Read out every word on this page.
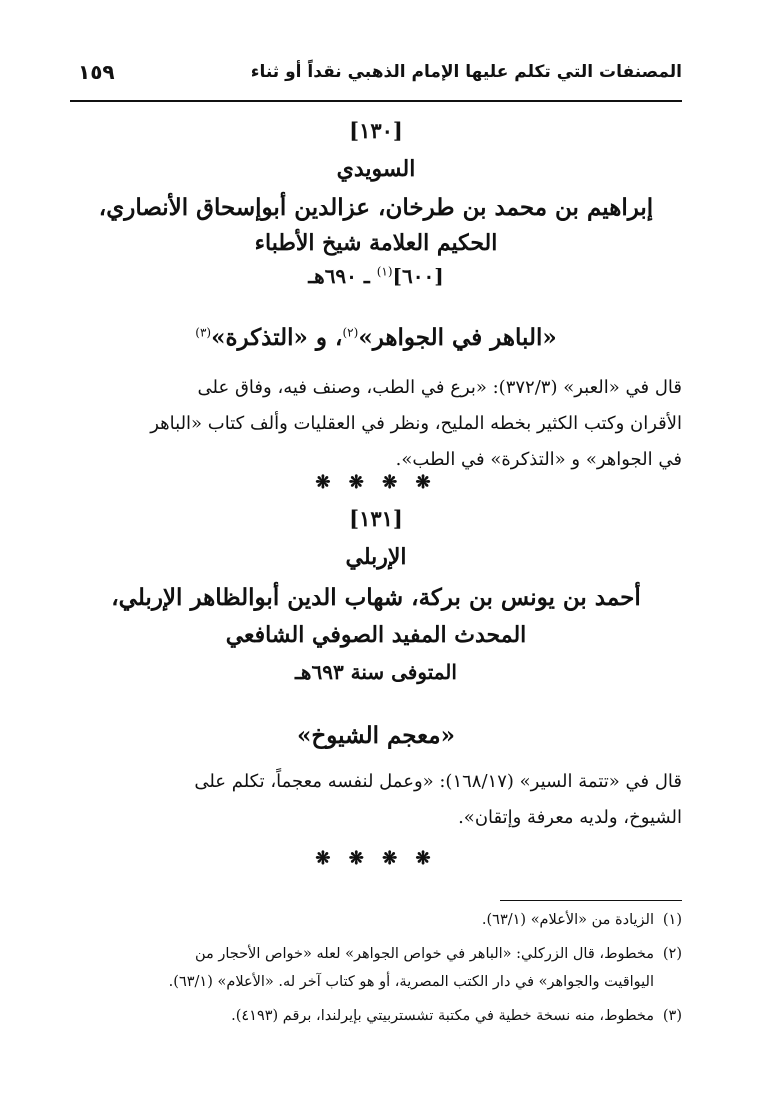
المصنفات التي تكلم عليها الإمام الذهبي نقداً أو ثناء
١٥٩
[١٣٠]
السويدي
إبراهيم بن محمد بن طرخان، عزالدين أبوإسحاق الأنصاري،
الحكيم العلامة شيخ الأطباء
[٦٠٠]$^{(١)}$ ـ ٦٩٠هـ
«الباهر في الجواهر»$^{(٢)}$، و «التذكرة»$^{(٣)}$
قال في «العبر» (٣٧٢/٣): «برع في الطب، وصنف فيه، وفاق على
الأقران وكتب الكثير بخطه المليح، ونظر في العقليات وألف كتاب «الباهر
في الجواهر» و «التذكرة» في الطب».
❋ ❋ ❋ ❋
[١٣١]
الإربلي
أحمد بن يونس بن بركة، شهاب الدين أبوالظاهر الإربلي،
المحدث المفيد الصوفي الشافعي
المتوفى سنة ٦٩٣هـ
«معجم الشيوخ»
قال في «تتمة السير» (١٦٨/١٧): «وعمل لنفسه معجماً، تكلم على
الشيوخ، ولديه معرفة وإتقان».
❋ ❋ ❋ ❋
(١)الزيادة من «الأعلام» (٦٣/١).
(٢)مخطوط، قال الزركلي: «الباهر في خواص الجواهر» لعله «خواص الأحجار من
اليواقيت والجواهر» في دار الكتب المصرية، أو هو كتاب آخر له. «الأعلام» (٦٣/١).
(٣)مخطوط، منه نسخة خطية في مكتبة تشستربيتي بإيرلندا، برقم (٤١٩٣).
